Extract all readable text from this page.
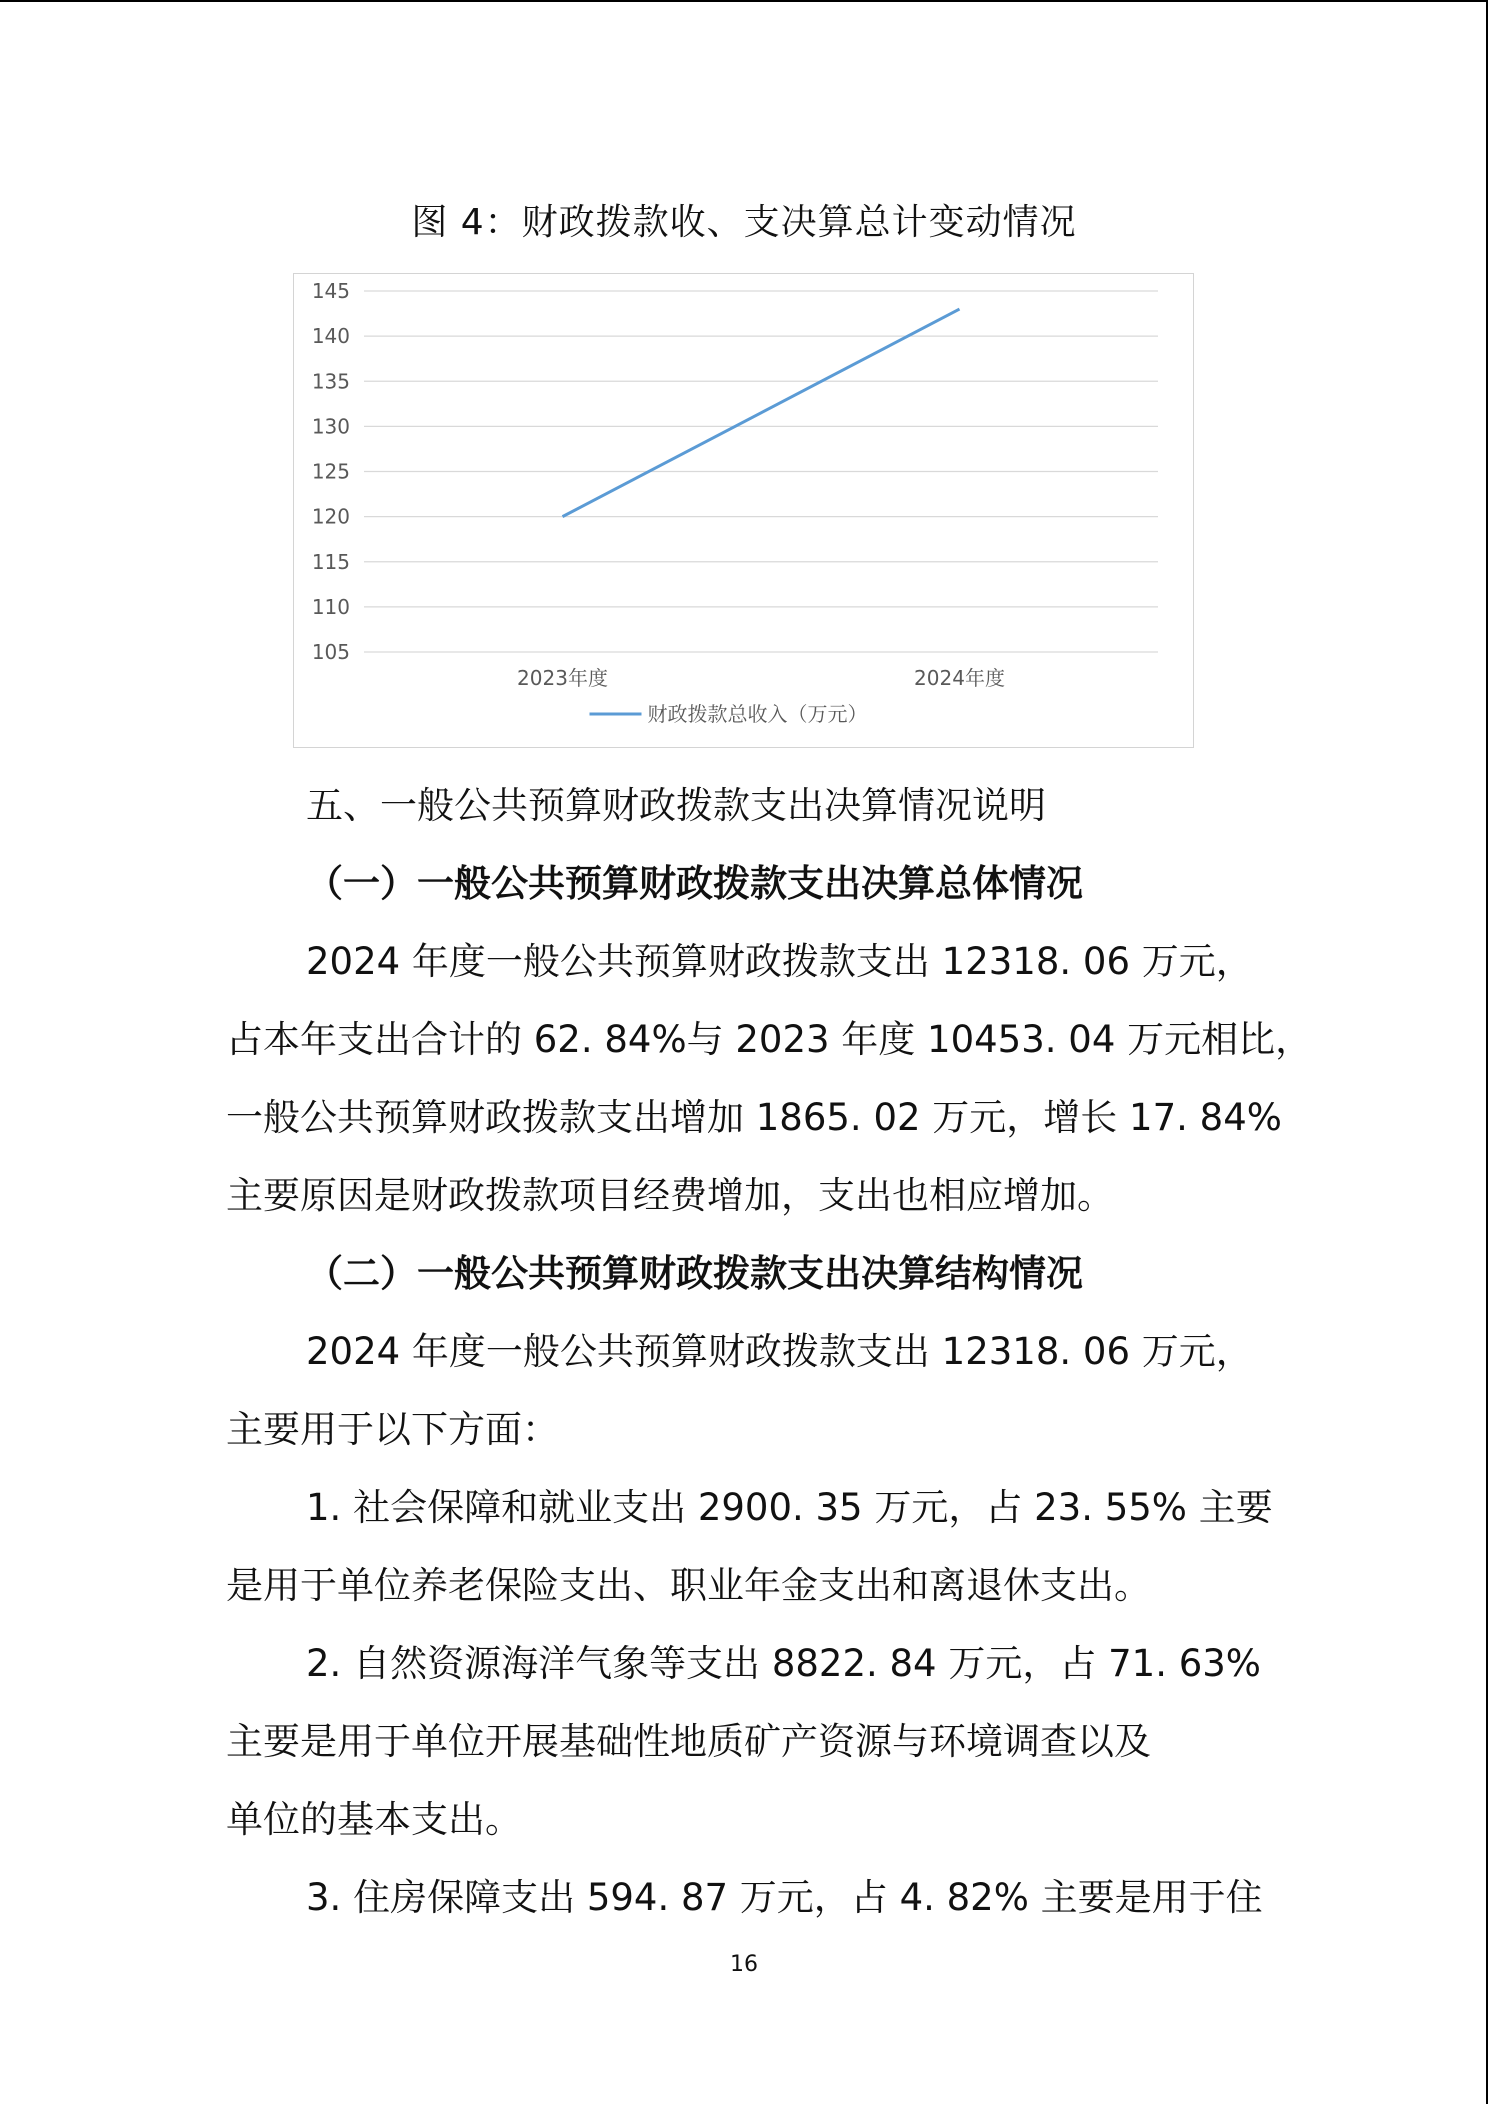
图 4：财政拨款收、支决算总计变动情况
105
110
115
120
125
130
135
140
145
2023年度	2024年度
财政拨款总收入（万元）
五、一般公共预算财政拨款支出决算情况说明
（一）一般公共预算财政拨款支出决算总体情况
2024 年度一般公共预算财政拨款支出 12318. 06 万元，
占本年支出合计的 62. 84%与 2023 年度 10453. 04 万元相比，
一般公共预算财政拨款支出增加 1865. 02 万元，增长 17. 84%
主要原因是财政拨款项目经费增加，支出也相应增加。
（二）一般公共预算财政拨款支出决算结构情况
2024 年度一般公共预算财政拨款支出 12318. 06 万元，
主要用于以下方面：
1. 社会保障和就业支出 2900. 35 万元，占 23. 55% 主要
是用于单位养老保险支出、职业年金支出和离退休支出。
2. 自然资源海洋气象等支出 8822. 84 万元，占 71. 63%
主要是用于单位开展基础性地质矿产资源与环境调查以及
单位的基本支出。
3. 住房保障支出 594. 87 万元，占 4. 82% 主要是用于住
16
